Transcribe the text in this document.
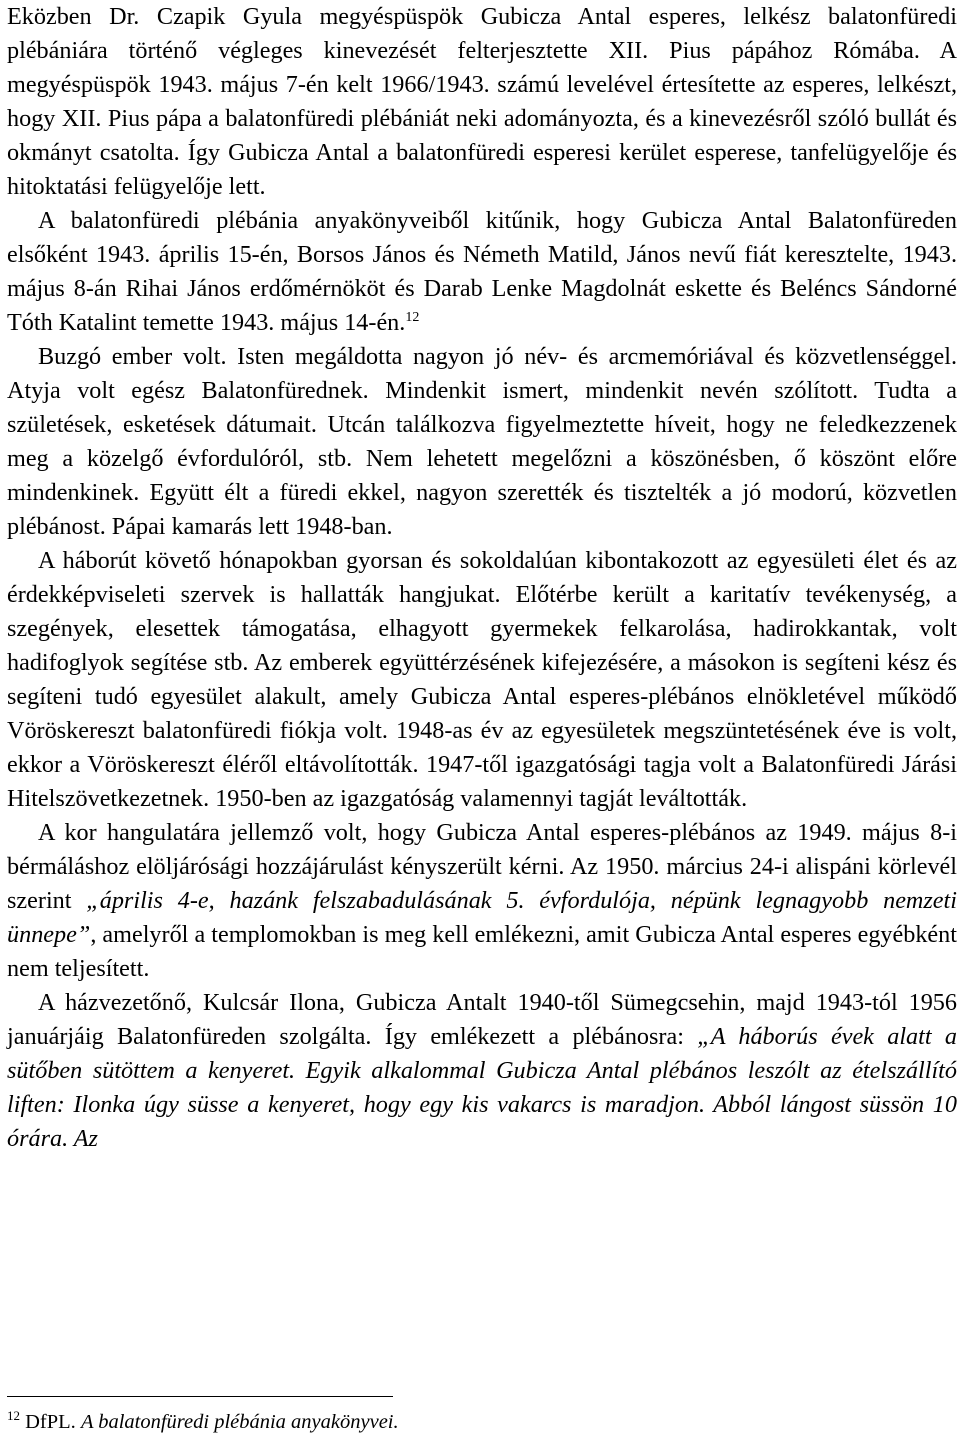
Eközben Dr. Czapik Gyula megyéspüspök Gubicza Antal esperes, lelkész balatonfüredi plébániára történő végleges kinevezését felterjesztette XII. Pius pápához Rómába. A megyéspüspök 1943. május 7-én kelt 1966/1943. számú levelével értesítette az esperes, lelkészt, hogy XII. Pius pápa a balatonfüredi plébániát neki adományozta, és a kinevezésről szóló bullát és okmányt csatolta. Így Gubicza Antal a balatonfüredi esperesi kerület esperese, tanfelügyelője és hitoktatási felügyelője lett.

A balatonfüredi plébánia anyakönyveiből kitűnik, hogy Gubicza Antal Balatonfüreden elsőként 1943. április 15-én, Borsos János és Németh Matild, János nevű fiát keresztelte, 1943. május 8-án Rihai János erdőmérnököt és Darab Lenke Magdolnát eskette és Beléncs Sándorné Tóth Katalint temette 1943. május 14-én.$^{12}$

Buzgó ember volt. Isten megáldotta nagyon jó név- és arcmemóriával és közvetlenséggel. Atyja volt egész Balatonfürednek. Mindenkit ismert, mindenkit nevén szólított. Tudta a születések, esketések dátumait. Utcán találkozva figyelmeztette híveit, hogy ne feledkezzenek meg a közelgő évfordulóról, stb. Nem lehetett megelőzni a köszönésben, ő köszönt előre mindenkinek. Együtt élt a füredi ekkel, nagyon szerették és tisztelték a jó modorú, közvetlen plébánost. Pápai kamarás lett 1948-ban.

A háborút követő hónapokban gyorsan és sokoldalúan kibontakozott az egyesületi élet és az érdekképviseleti szervek is hallatták hangjukat. Előtérbe került a karitatív tevékenység, a szegények, elesettek támogatása, elhagyott gyermekek felkarolása, hadirokkantak, volt hadifoglyok segítése stb. Az emberek együttérzésének kifejezésére, a másokon is segíteni kész és segíteni tudó egyesület alakult, amely Gubicza Antal esperes-plébános elnökletével működő Vöröskereszt balatonfüredi fiókja volt. 1948-as év az egyesületek megszüntetésének éve is volt, ekkor a Vöröskereszt éléről eltávolították. 1947-től igazgatósági tagja volt a Balatonfüredi Járási Hitelszövetkezetnek. 1950-ben az igazgatóság valamennyi tagját leváltották.

A kor hangulatára jellemző volt, hogy Gubicza Antal esperes-plébános az 1949. május 8-i bérmáláshoz elöljárósági hozzájárulást kényszerült kérni. Az 1950. március 24-i alispáni körlevél szerint „április 4-e, hazánk felszabadulásának 5. évfordulója, népünk legnagyobb nemzeti ünnepe”, amelyről a templomokban is meg kell emlékezni, amit Gubicza Antal esperes egyébként nem teljesített.

A házvezetőnő, Kulcsár Ilona, Gubicza Antalt 1940-től Sümegcsehin, majd 1943-tól 1956 januárjáig Balatonfüreden szolgálta. Így emlékezett a plébánosra: „A háborús évek alatt a sütőben sütöttem a kenyeret. Egyik alkalommal Gubicza Antal plébános leszólt az ételszállító liften: Ilonka úgy süsse a kenyeret, hogy egy kis vakarcs is maradjon. Abból lángost süssön 10 órára. Az

$^{12}$ DfPL. A balatonfüredi plébánia anyakönyvei.
